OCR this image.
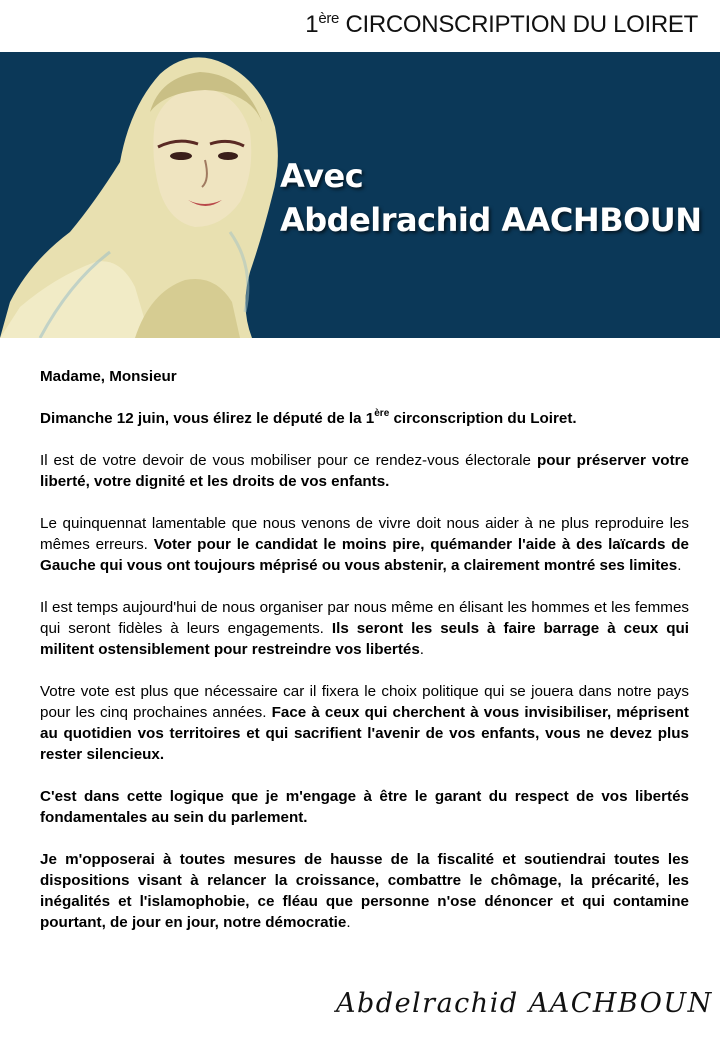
1ère CIRCONSCRIPTION DU LOIRET
Avec
Abdelrachid AACHBOUN

Madame, Monsieur

Dimanche 12 juin, vous élirez le député de la 1ère circonscription du Loiret.

Il est de votre devoir de vous mobiliser pour ce rendez-vous électorale pour préserver votre liberté, votre dignité et les droits de vos enfants.

Le quinquennat lamentable que nous venons de vivre doit nous aider à ne plus reproduire les mêmes erreurs. Voter pour le candidat le moins pire, quémander l'aide à des laïcards de Gauche qui vous ont toujours méprisé ou vous abstenir, a clairement montré ses limites.

Il est temps aujourd'hui de nous organiser par nous même en élisant les hommes et les femmes qui seront fidèles à leurs engagements. Ils seront les seuls à faire barrage à ceux qui militent ostensiblement pour restreindre vos libertés.

Votre vote est plus que nécessaire car il fixera le choix politique qui se jouera dans notre pays pour les cinq prochaines années. Face à ceux qui cherchent à vous invisibiliser, méprisent au quotidien vos territoires et qui sacrifient l'avenir de vos enfants, vous ne devez plus rester silencieux.

C'est dans cette logique que je m'engage à être le garant du respect de vos libertés fondamentales au sein du parlement.

Je m'opposerai à toutes mesures de hausse de la fiscalité et soutiendrai toutes les dispositions visant à relancer la croissance, combattre le chômage, la précarité, les inégalités et l'islamophobie, ce fléau que personne n'ose dénoncer et qui contamine pourtant, de jour en jour, notre démocratie.

Abdelrachid AACHBOUN
